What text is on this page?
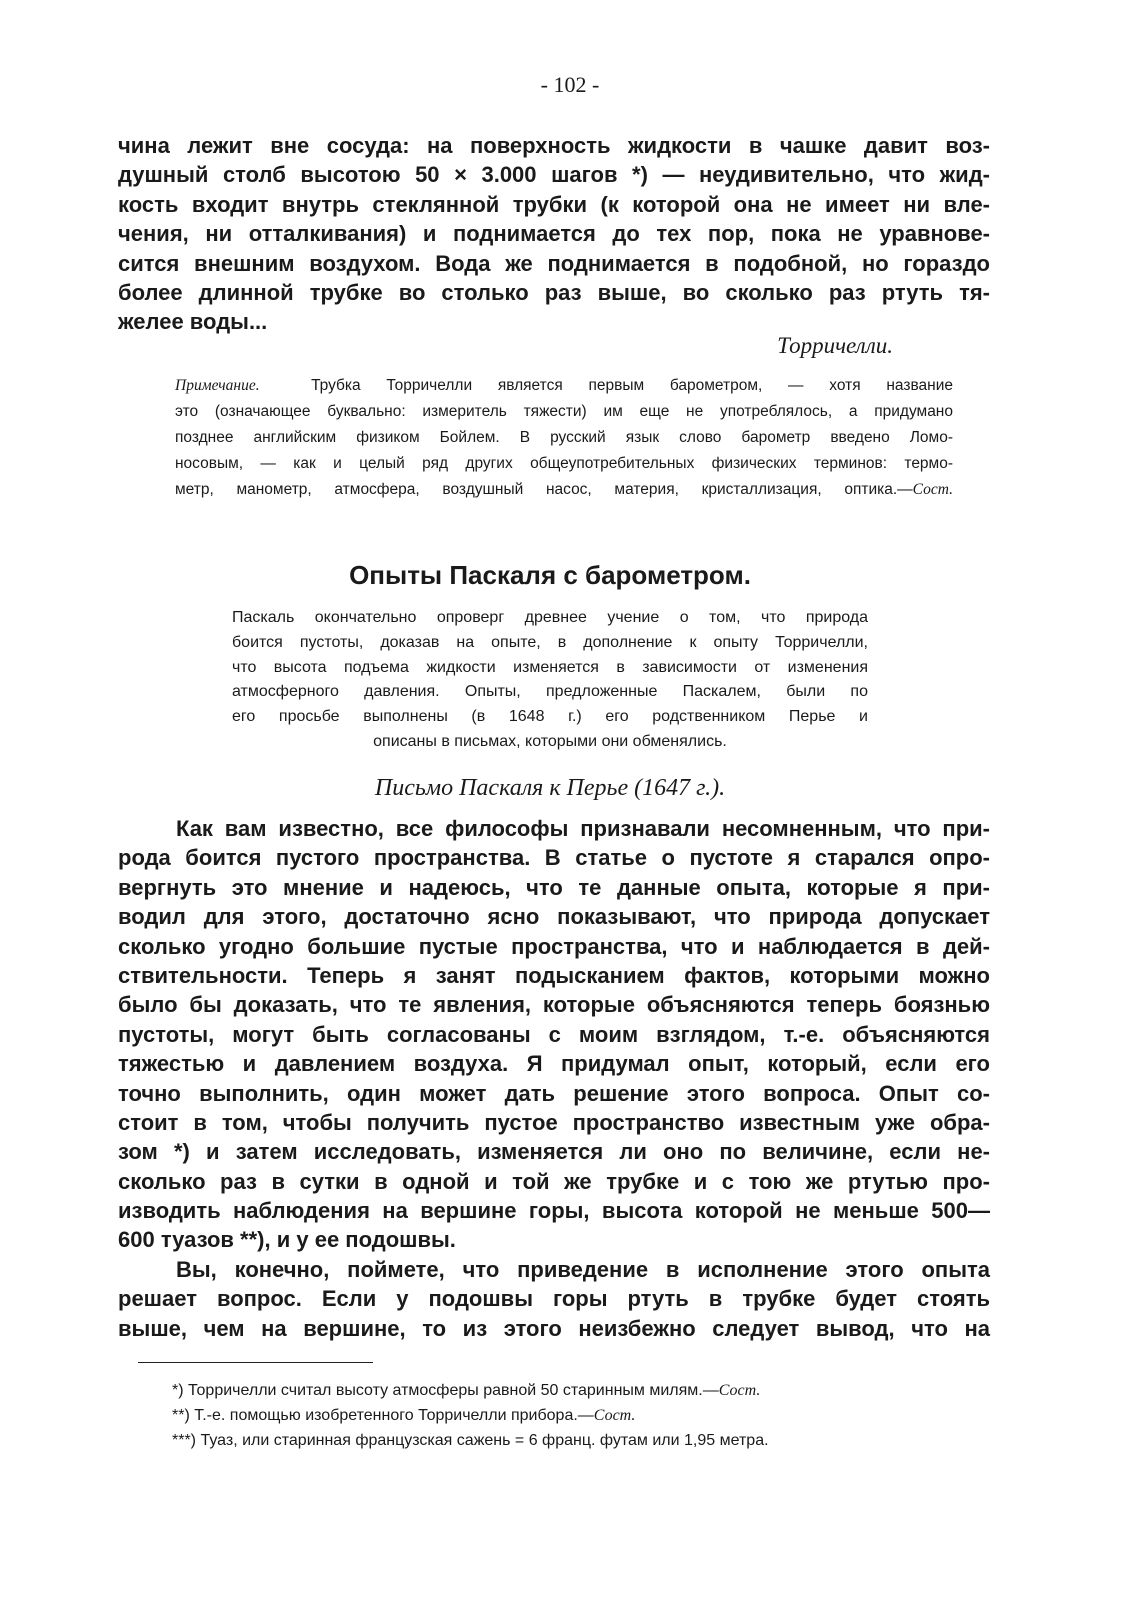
- 102 -
чина лежит вне сосуда: на поверхность жидкости в чашке давит воз-
душный столб высотою 50 × 3.000 шагов *) — неудивительно, что жид-
кость входит внутрь стеклянной трубки (к которой она не имеет ни вле-
чения, ни отталкивания) и поднимается до тех пор, пока не уравнове-
сится внешним воздухом. Вода же поднимается в подобной, но гораздо
более длинной трубке во столько раз выше, во сколько раз ртуть тя-
желее воды...
Торричелли.
Примечание.	Трубка Торричелли является первым барометром, — хотя название
это (означающее буквально: измеритель тяжести) им еще не употреблялось, а придумано
позднее английским физиком Бойлем. В русский язык слово барометр введено Ломо-
носовым, — как и целый ряд других общеупотребительных физических терминов: термо-
метр, манометр, атмосфера, воздушный насос, материя, кристаллизация, оптика.—Сост.
Опыты Паскаля с барометром.
Паскаль окончательно опроверг древнее учение о том, что природа
боится пустоты, доказав на опыте, в дополнение к опыту Торричелли,
что высота подъема жидкости изменяется в зависимости от изменения
атмосферного давления. Опыты, предложенные Паскалем, были по
его просьбе выполнены (в 1648 г.) его родственником Перье и
описаны в письмах, которыми они обменялись.
Письмо Паскаля к Перье (1647 г.).
Как вам известно, все философы признавали несомненным, что при-
рода боится пустого пространства. В статье о пустоте я старался опро-
вергнуть это мнение и надеюсь, что те данные опыта, которые я при-
водил для этого, достаточно ясно показывают, что природа допускает
сколько угодно большие пустые пространства, что и наблюдается в дей-
ствительности. Теперь я занят подысканием фактов, которыми можно
было бы доказать, что те явления, которые объясняются теперь боязнью
пустоты, могут быть согласованы с моим взглядом, т.-е. объясняются
тяжестью и давлением воздуха. Я придумал опыт, который, если его
точно выполнить, один может дать решение этого вопроса. Опыт со-
стоит в том, чтобы получить пустое пространство известным уже обра-
зом *) и затем исследовать, изменяется ли оно по величине, если не-
сколько раз в сутки в одной и той же трубке и с тою же ртутью про-
изводить наблюдения на вершине горы, высота которой не меньше 500—
600 туазов **), и у ее подошвы.
Вы, конечно, поймете, что приведение в исполнение этого опыта
решает вопрос. Если у подошвы горы ртуть в трубке будет стоять
выше, чем на вершине, то из этого неизбежно следует вывод, что на
*) Торричелли считал высоту атмосферы равной 50 старинным милям.—Сост.
**) Т.-е. помощью изобретенного Торричелли прибора.—Сост.
***) Туаз, или старинная французская сажень = 6 франц. футам или 1,95 метра.
